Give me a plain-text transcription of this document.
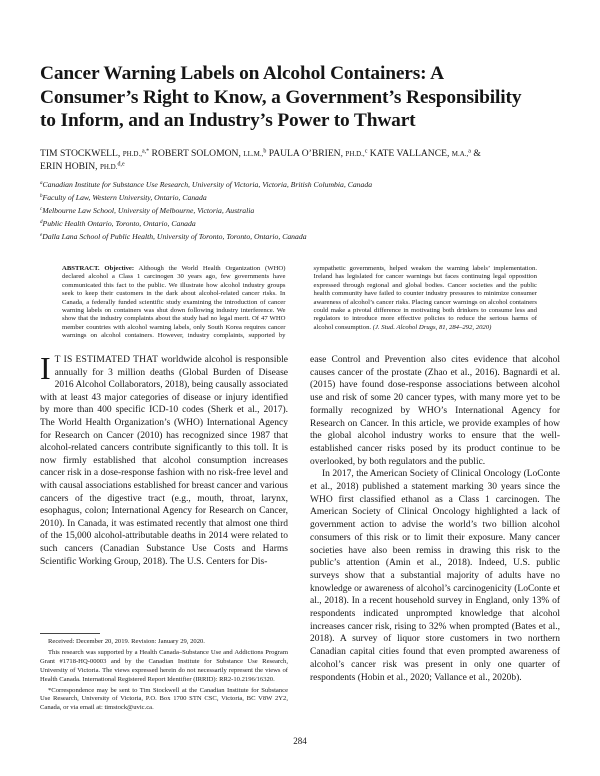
Cancer Warning Labels on Alcohol Containers: A
Consumer’s Right to Know, a Government’s Responsibility
to Inform, and an Industry’s Power to Thwart
TIM STOCKWELL, PH.D.,$^{a,*}$ ROBERT SOLOMON, LL.M.,$^b$ PAULA O’BRIEN, PH.D.,$^c$ KATE VALLANCE, M.A.,$^a$ &
ERIN HOBIN, PH.D.$^{d,e}$
$^a$Canadian Institute for Substance Use Research, University of Victoria, Victoria, British Columbia, Canada
$^b$Faculty of Law, Western University, Ontario, Canada
$^c$Melbourne Law School, University of Melbourne, Victoria, Australia
$^d$Public Health Ontario, Toronto, Ontario, Canada
$^e$Dalla Lana School of Public Health, University of Toronto, Toronto, Ontario, Canada
ABSTRACT. Objective: Although the World Health Organization (WHO) declared alcohol a Class 1 carcinogen 30 years ago, few governments have communicated this fact to the public. We illustrate how alcohol industry groups seek to keep their customers in the dark about alcohol-related cancer risks. In Canada, a federally funded scientific study examining the introduction of cancer warning labels on containers was shut down following industry interference. We show that the industry complaints about the study had no legal merit. Of 47 WHO member countries with alcohol warning labels, only South Korea requires cancer warnings on alcohol containers. However, industry complaints, supported by sympathetic governments, helped weaken the warning labels’ implementation. Ireland has legislated for cancer warnings but faces continuing legal opposition expressed through regional and global bodies. Cancer societies and the public health community have failed to counter industry pressures to minimize consumer awareness of alcohol’s cancer risks. Placing cancer warnings on alcohol containers could make a pivotal difference in motivating both drinkers to consume less and regulators to introduce more effective policies to reduce the serious harms of alcohol consumption. (J. Stud. Alcohol Drugs, 81, 284–292, 2020)

I T IS ESTIMATED THAT worldwide alcohol is responsible annually for 3 million deaths (Global Burden of Disease 2016 Alcohol Collaborators, 2018), being causally associated with at least 43 major categories of disease or injury identified by more than 400 specific ICD-10 codes (Sherk et al., 2017). The World Health Organization’s (WHO) International Agency for Research on Cancer (2010) has recognized since 1987 that alcohol-related cancers contribute significantly to this toll. It is now firmly established that alcohol consumption increases cancer risk in a dose-response fashion with no risk-free level and with causal associations established for breast cancer and various cancers of the digestive tract (e.g., mouth, throat, larynx, esophagus, colon; International Agency for Research on Cancer, 2010). In Canada, it was estimated recently that almost one third of the 15,000 alcohol-attributable deaths in 2014 were related to such cancers (Canadian Substance Use Costs and Harms Scientific Working Group, 2018). The U.S. Centers for Dis-

ease Control and Prevention also cites evidence that alcohol causes cancer of the prostate (Zhao et al., 2016). Bagnardi et al. (2015) have found dose-response associations between alcohol use and risk of some 20 cancer types, with many more yet to be formally recognized by WHO’s International Agency for Research on Cancer. In this article, we provide examples of how the global alcohol industry works to ensure that the well-established cancer risks posed by its product continue to be overlooked, by both regulators and the public.

In 2017, the American Society of Clinical Oncology (LoConte et al., 2018) published a statement marking 30 years since the WHO first classified ethanol as a Class 1 carcinogen. The American Society of Clinical Oncology highlighted a lack of government action to advise the world’s two billion alcohol consumers of this risk or to limit their exposure. Many cancer societies have also been remiss in drawing this risk to the public’s attention (Amin et al., 2018). Indeed, U.S. public surveys show that a substantial majority of adults have no knowledge or awareness of alcohol’s carcinogenicity (LoConte et al., 2018). In a recent household survey in England, only 13% of respondents indicated unprompted knowledge that alcohol increases cancer risk, rising to 32% when prompted (Bates et al., 2018). A survey of liquor store customers in two northern Canadian capital cities found that even prompted awareness of alcohol’s cancer risk was present in only one quarter of respondents (Hobin et al., 2020; Vallance et al., 2020b).

Received: December 20, 2019. Revision: January 29, 2020.

This research was supported by a Health Canada–Substance Use and Addictions Program Grant #1718-HQ-00003 and by the Canadian Institute for Substance Use Research, University of Victoria. The views expressed herein do not necessarily represent the views of Health Canada. International Registered Report Identifier (IRRID): RR2-10.2196/16320.

*Correspondence may be sent to Tim Stockwell at the Canadian Institute for Substance Use Research, University of Victoria, P.O. Box 1700 STN CSC, Victoria, BC V8W 2Y2, Canada, or via email at: timstock@uvic.ca.

284
